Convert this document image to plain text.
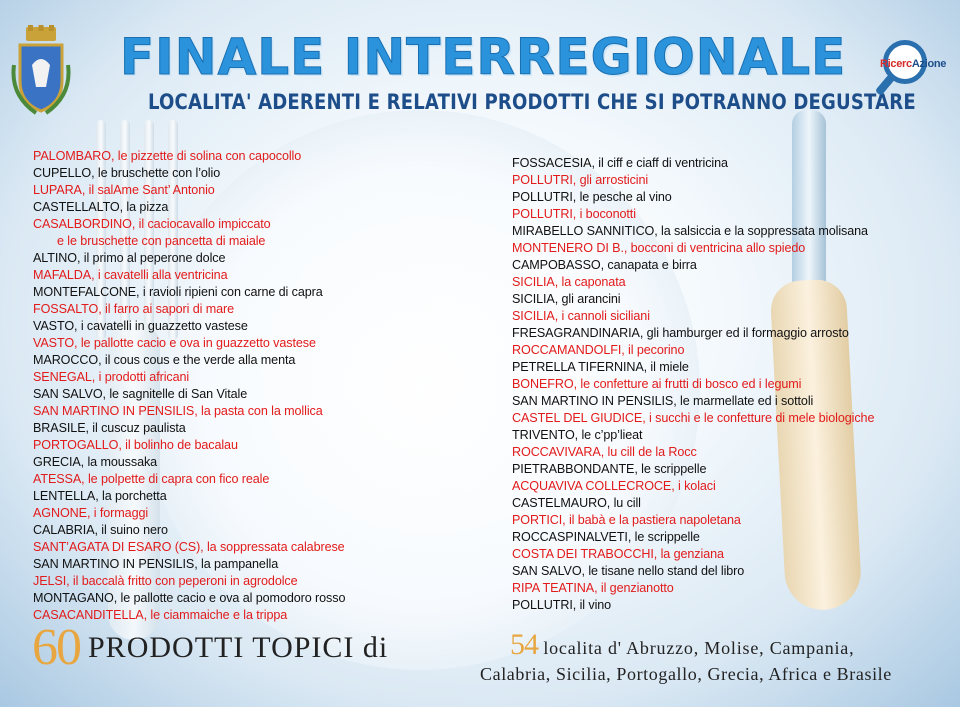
FINALE INTERREGIONALE
LOCALITA' ADERENTI E RELATIVI PRODOTTI CHE SI POTRANNO DEGUSTARE
RicercAzione
PALOMBARO, le pizzette di solina con capocollo
CUPELLO, le bruschette con l’olio
LUPARA, il salAme Sant’ Antonio
CASTELLALTO, la pizza
CASALBORDINO, il caciocavallo impiccato
e le bruschette con pancetta di maiale
ALTINO, il primo al peperone dolce
MAFALDA, i cavatelli alla ventricina
MONTEFALCONE, i ravioli ripieni con carne di capra
FOSSALTO, il farro ai sapori di mare
VASTO, i cavatelli in guazzetto vastese
VASTO, le pallotte cacio e ova in guazzetto vastese
MAROCCO, il cous cous e the verde alla menta
SENEGAL, i prodotti africani
SAN SALVO, le sagnitelle di San Vitale
SAN MARTINO IN PENSILIS, la pasta con la mollica
BRASILE, il cuscuz paulista
PORTOGALLO, il bolinho de bacalau
GRECIA, la moussaka
ATESSA, le polpette di capra con fico reale
LENTELLA, la porchetta
AGNONE, i formaggi
CALABRIA, il suino nero
SANT’AGATA DI ESARO (CS), la soppressata calabrese
SAN MARTINO IN PENSILIS, la pampanella
JELSI, il baccalà fritto con peperoni in agrodolce
MONTAGANO, le pallotte cacio e ova al pomodoro rosso
CASACANDITELLA, le ciammaiche e la trippa
FOSSACESIA, il ciff e ciaff di ventricina
POLLUTRI, gli arrosticini
POLLUTRI, le pesche al vino
POLLUTRI, i boconotti
MIRABELLO SANNITICO, la salsiccia e la soppressata molisana
MONTENERO DI B., bocconi di ventricina allo spiedo
CAMPOBASSO, canapata e birra
SICILIA, la caponata
SICILIA, gli arancini
SICILIA, i cannoli siciliani
FRESAGRANDINARIA, gli hamburger ed il formaggio arrosto
ROCCAMANDOLFI, il pecorino
PETRELLA TIFERNINA, il miele
BONEFRO, le confetture ai frutti di bosco ed i legumi
SAN MARTINO IN PENSILIS, le marmellate ed i sottoli
CASTEL DEL GIUDICE, i succhi e le confetture di mele biologiche
TRIVENTO, le c’pp’lieat
ROCCAVIVARA, lu cill de la Rocc
PIETRABBONDANTE, le scrippelle
ACQUAVIVA COLLECROCE, i kolaci
CASTELMAURO, lu cill
PORTICI, il babà e la pastiera napoletana
ROCCASPINALVETI, le scrippelle
COSTA DEI TRABOCCHI, la genziana
SAN SALVO, le tisane nello stand del libro
RIPA TEATINA, il genzianotto
POLLUTRI, il vino
60 PRODOTTI TOPICI di	54 localita d' Abruzzo, Molise, Campania,
Calabria, Sicilia, Portogallo, Grecia, Africa e Brasile
